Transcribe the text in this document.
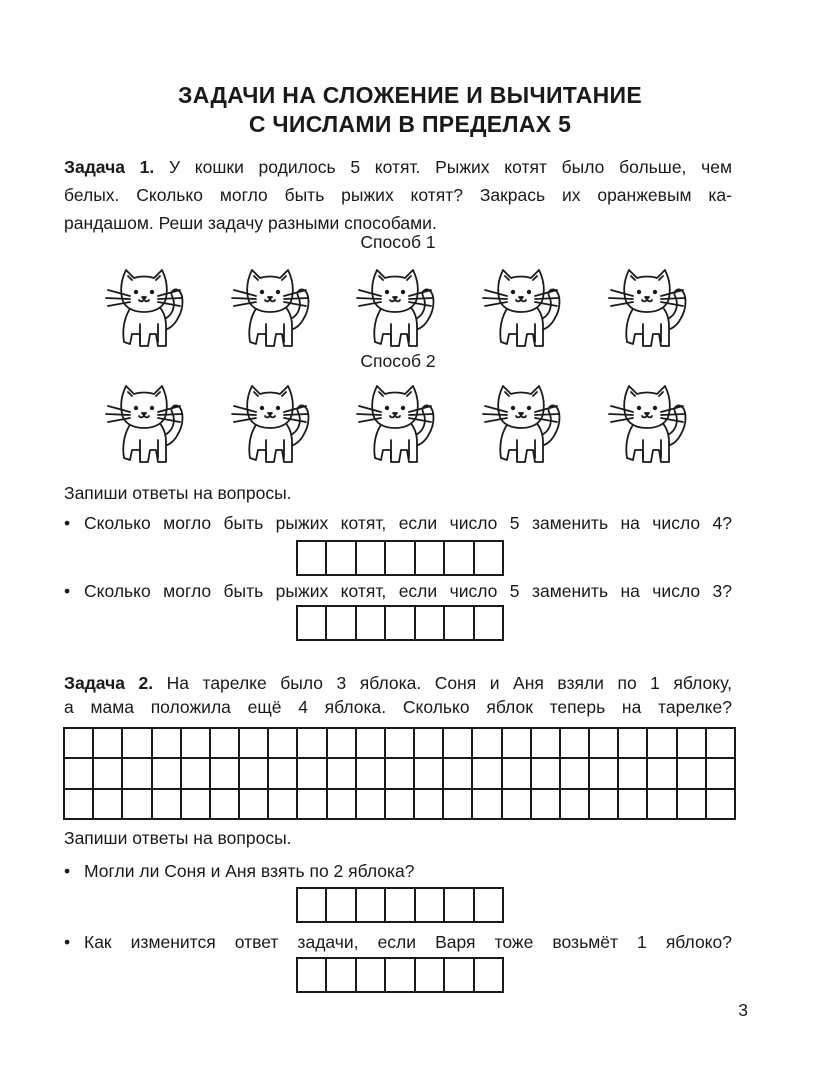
ЗАДАЧИ НА СЛОЖЕНИЕ И ВЫЧИТАНИЕ
С ЧИСЛАМИ В ПРЕДЕЛАХ 5

Задача 1. У кошки родилось 5 котят. Рыжих котят было больше, чем

белых. Сколько могло быть рыжих котят? Закрась их оранжевым ка-

рандашом. Реши задачу разными способами.

Способ 1

Способ 2

Запиши ответы на вопросы.

• Сколько могло быть рыжих котят, если число 5 заменить на число 4?
• Сколько могло быть рыжих котят, если число 5 заменить на число 3?

Задача 2. На тарелке было 3 яблока. Соня и Аня взяли по 1 яблоку,

а мама положила ещё 4 яблока. Сколько яблок теперь на тарелке?

Запиши ответы на вопросы.

• Могли ли Соня и Аня взять по 2 яблока?
• Как изменится ответ задачи, если Варя тоже возьмёт 1 яблоко?

3
